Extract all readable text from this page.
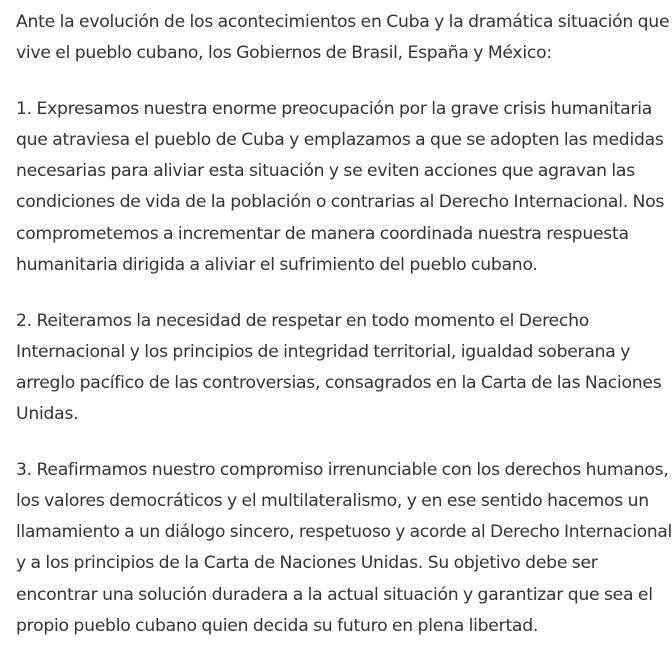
Ante la evolución de los acontecimientos en Cuba y la dramática situación que
vive el pueblo cubano, los Gobiernos de Brasil, España y México:

1. Expresamos nuestra enorme preocupación por la grave crisis humanitaria
que atraviesa el pueblo de Cuba y emplazamos a que se adopten las medidas
necesarias para aliviar esta situación y se eviten acciones que agravan las
condiciones de vida de la población o contrarias al Derecho Internacional. Nos
comprometemos a incrementar de manera coordinada nuestra respuesta
humanitaria dirigida a aliviar el sufrimiento del pueblo cubano.

2. Reiteramos la necesidad de respetar en todo momento el Derecho
Internacional y los principios de integridad territorial, igualdad soberana y
arreglo pacífico de las controversias, consagrados en la Carta de las Naciones
Unidas.

3. Reafirmamos nuestro compromiso irrenunciable con los derechos humanos,
los valores democráticos y el multilateralismo, y en ese sentido hacemos un
llamamiento a un diálogo sincero, respetuoso y acorde al Derecho Internacional
y a los principios de la Carta de Naciones Unidas. Su objetivo debe ser
encontrar una solución duradera a la actual situación y garantizar que sea el
propio pueblo cubano quien decida su futuro en plena libertad.
